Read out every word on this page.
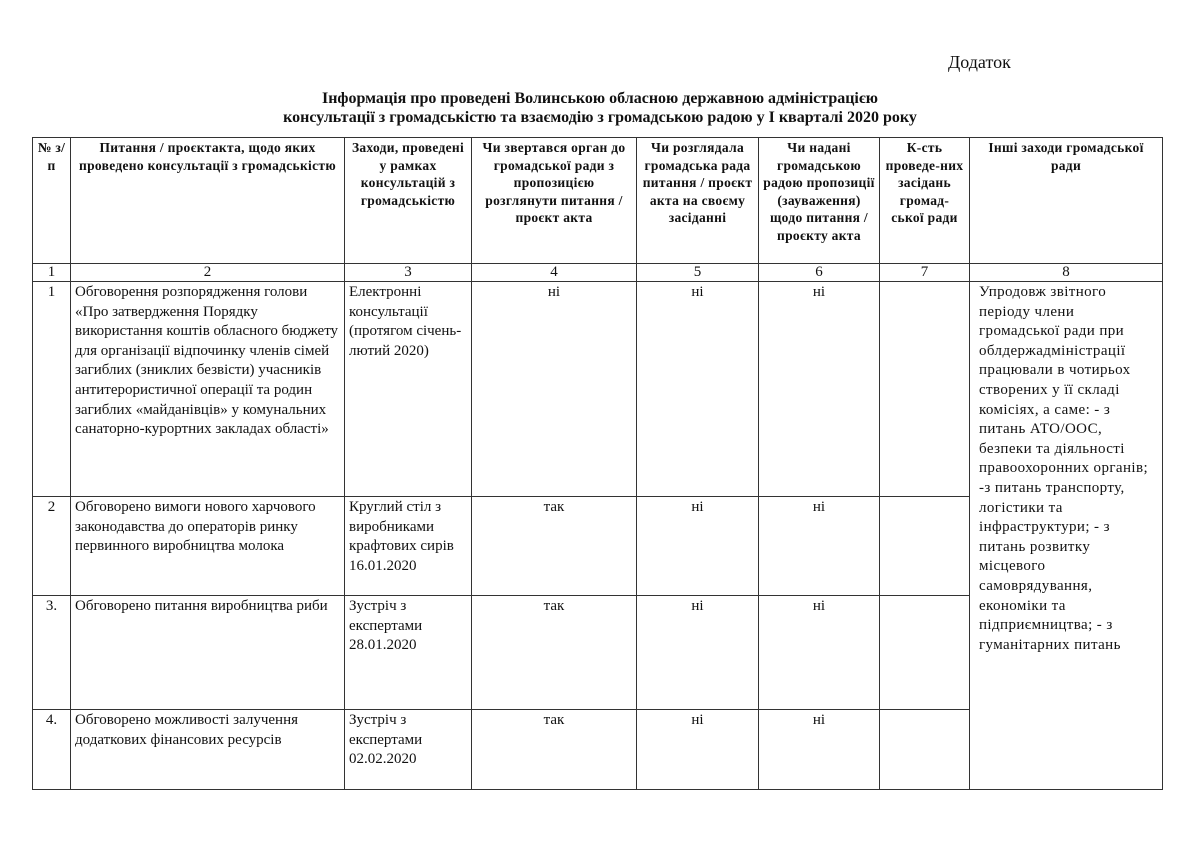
Додаток
Інформація про проведені Волинською обласною державною адміністрацією
консультації з громадськістю та взаємодію з громадською радою у І кварталі 2020 року
№ з/п	Питання / проєктакта, щодо яких проведено консультації з громадськістю	Заходи, проведені у рамках консультацій з громадськістю	Чи звертався орган до громадської ради з пропозицією розглянути питання / проєкт акта	Чи розглядала громадська рада питання / проєкт акта на своєму засіданні	Чи надані громадською радою пропозиції (зауваження) щодо питання / проєкту акта	К-сть проведе-них засідань громад-ської ради	Інші заходи громадської ради
1	2	3	4	5	6	7	8
1	Обговорення розпорядження голови «Про затвердження Порядку використання коштів обласного бюджету для організації відпочинку членів сімей загиблих (зниклих безвісти) учасників антитерористичної операції та родин загиблих «майданівців» у комунальних санаторно-курортних закладах області»	Електронні консультації (протягом січень-лютий 2020)	ні	ні	ні		Упродовж звітного періоду члени громадської ради при облдержадміністрації працювали в чотирьох створених у її складі комісіях, а саме: - з питань АТО/ООС, безпеки та діяльності правоохоронних органів; -з питань транспорту, логістики та інфраструктури; - з питань розвитку місцевого самоврядування, економіки та підприємництва; - з гуманітарних питань
2	Обговорено вимоги нового харчового законодавства до операторів ринку первинного виробництва молока	Круглий стіл з виробниками крафтових сирів 16.01.2020	так	ні	ні		
3.	Обговорено питання виробництва риби	Зустріч з експертами 28.01.2020	так	ні	ні		
4.	Обговорено можливості залучення додаткових фінансових ресурсів	Зустріч з експертами 02.02.2020	так	ні	ні		
